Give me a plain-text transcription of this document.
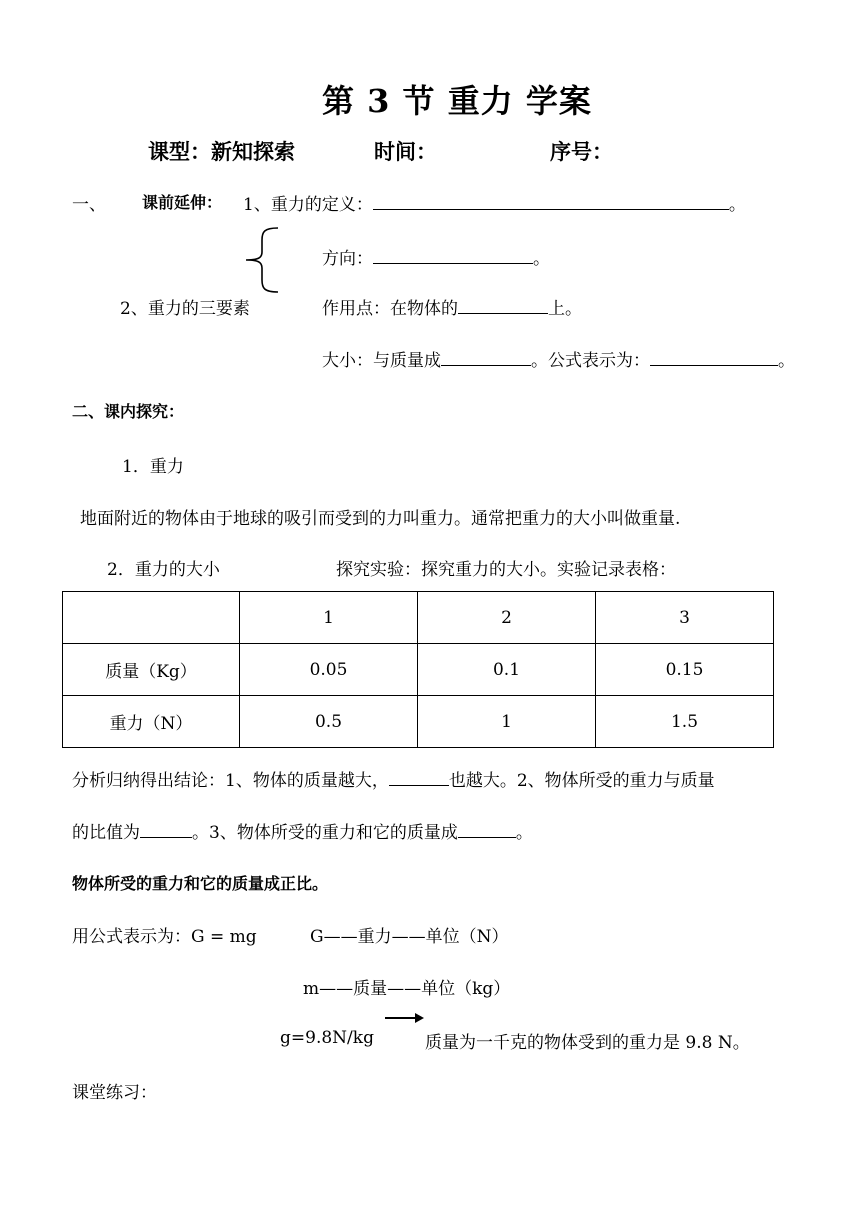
第 3 节 重力 学案
课型：新知探索	时间：	序号：
一、 课前延伸： 1、重力的定义：	。
方向：	。
2、重力的三要素	作用点：在物体的	上。
大小：与质量成	。公式表示为：	。
二、课内探究：
1．重力
地面附近的物体由于地球的吸引而受到的力叫重力。通常把重力的大小叫做重量.
2．重力的大小	探究实验：探究重力的大小。实验记录表格：
	1	2	3
质量（Kg）	0.05	0.1	0.15
重力（N）	0.5	1	1.5
分析归纳得出结论：1、物体的质量越大，	也越大。2、物体所受的重力与质量
的比值为	。3、物体所受的重力和它的质量成	。
物体所受的重力和它的质量成正比。
用公式表示为：G = mg	G——重力——单位（N）
m——质量——单位（kg）
g=9.8N/kg	质量为一千克的物体受到的重力是 9.8 N。
课堂练习：
